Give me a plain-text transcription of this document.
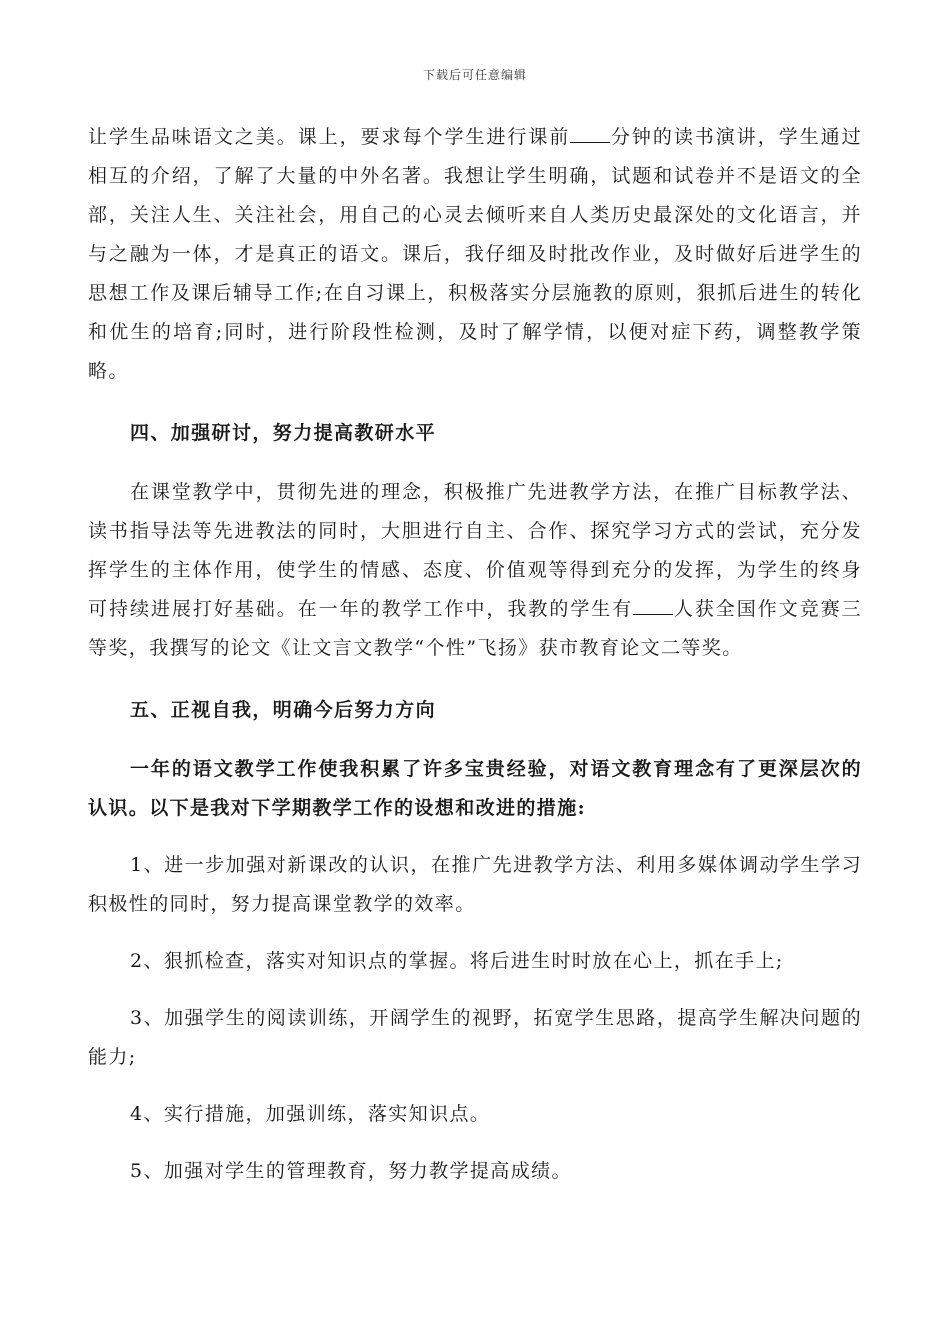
下载后可任意编辑

让学生品味语文之美。课上，要求每个学生进行课前 分钟的读书演讲，学生通过相互的介绍，了解了大量的中外名著。我想让学生明确，试题和试卷并不是语文的全部，关注人生、关注社会，用自己的心灵去倾听来自人类历史最深处的文化语言，并与之融为一体，才是真正的语文。课后，我仔细及时批改作业，及时做好后进学生的思想工作及课后辅导工作;在自习课上，积极落实分层施教的原则，狠抓后进生的转化和优生的培育;同时，进行阶段性检测，及时了解学情，以便对症下药，调整教学策略。

四、加强研讨，努力提高教研水平

在课堂教学中，贯彻先进的理念，积极推广先进教学方法，在推广目标教学法、读书指导法等先进教法的同时，大胆进行自主、合作、探究学习方式的尝试，充分发挥学生的主体作用，使学生的情感、态度、价值观等得到充分的发挥，为学生的终身可持续进展打好基础。在一年的教学工作中，我教的学生有 人获全国作文竞赛三等奖，我撰写的论文《让文言文教学“个性”飞扬》获市教育论文二等奖。

五、正视自我，明确今后努力方向

一年的语文教学工作使我积累了许多宝贵经验，对语文教育理念有了更深层次的认识。以下是我对下学期教学工作的设想和改进的措施:

1、进一步加强对新课改的认识，在推广先进教学方法、利用多媒体调动学生学习积极性的同时，努力提高课堂教学的效率。

2、狠抓检查，落实对知识点的掌握。将后进生时时放在心上，抓在手上;

3、加强学生的阅读训练，开阔学生的视野，拓宽学生思路，提高学生解决问题的能力;

4、实行措施，加强训练，落实知识点。

5、加强对学生的管理教育，努力教学提高成绩。
